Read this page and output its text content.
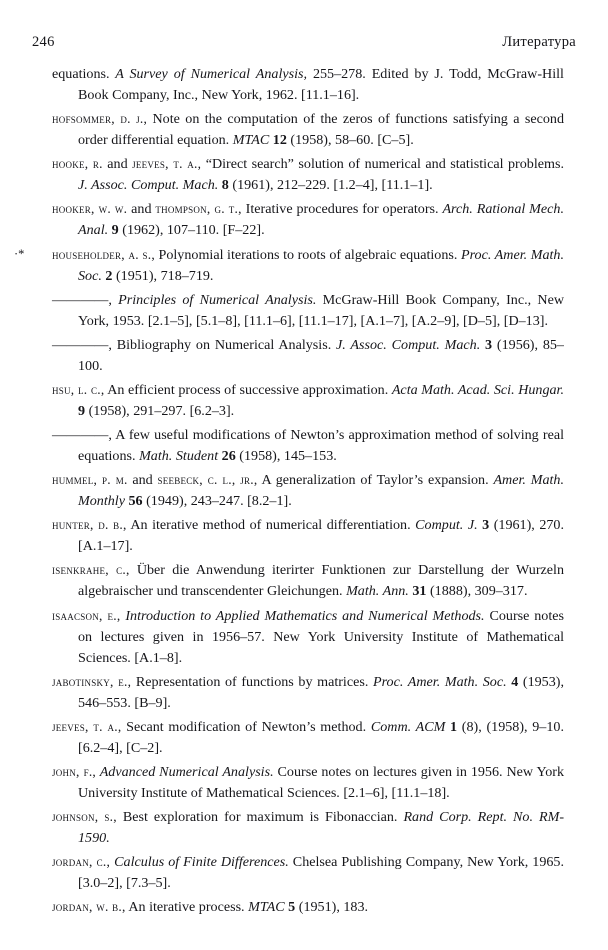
246	Литература
equations. A Survey of Numerical Analysis, 255–278. Edited by J. Todd, McGraw-Hill Book Company, Inc., New York, 1962. [11.1–16].
hofsommer, d. j., Note on the computation of the zeros of functions satisfying a second order differential equation. MTAC 12 (1958), 58–60. [C–5].
hooke, r. and jeeves, t. a., “Direct search” solution of numerical and statistical problems. J. Assoc. Comput. Mach. 8 (1961), 212–229. [1.2–4], [11.1–1].
hooker, w. w. and thompson, g. t., Iterative procedures for operators. Arch. Rational Mech. Anal. 9 (1962), 107–110. [F–22].
·* householder, a. s., Polynomial iterations to roots of algebraic equations. Proc. Amer. Math. Soc. 2 (1951), 718–719.
————, Principles of Numerical Analysis. McGraw-Hill Book Company, Inc., New York, 1953. [2.1–5], [5.1–8], [11.1–6], [11.1–17], [A.1–7], [A.2–9], [D–5], [D–13].
————, Bibliography on Numerical Analysis. J. Assoc. Comput. Mach. 3 (1956), 85–100.
hsu, l. c., An efficient process of successive approximation. Acta Math. Acad. Sci. Hungar. 9 (1958), 291–297. [6.2–3].
————, A few useful modifications of Newton’s approximation method of solving real equations. Math. Student 26 (1958), 145–153.
hummel, p. m. and seebeck, c. l., jr., A generalization of Taylor’s expansion. Amer. Math. Monthly 56 (1949), 243–247. [8.2–1].
hunter, d. b., An iterative method of numerical differentiation. Comput. J. 3 (1961), 270. [A.1–17].
isenkrahe, c., Über die Anwendung iterirter Funktionen zur Darstellung der Wurzeln algebraischer und transcendenter Gleichungen. Math. Ann. 31 (1888), 309–317.
isaacson, e., Introduction to Applied Mathematics and Numerical Methods. Course notes on lectures given in 1956–57. New York University Institute of Mathematical Sciences. [A.1–8].
jabotinsky, e., Representation of functions by matrices. Proc. Amer. Math. Soc. 4 (1953), 546–553. [B–9].
jeeves, t. a., Secant modification of Newton’s method. Comm. ACM 1 (8), (1958), 9–10. [6.2–4], [C–2].
john, f., Advanced Numerical Analysis. Course notes on lectures given in 1956. New York University Institute of Mathematical Sciences. [2.1–6], [11.1–18].
johnson, s., Best exploration for maximum is Fibonaccian. Rand Corp. Rept. No. RM-1590.
jordan, c., Calculus of Finite Differences. Chelsea Publishing Company, New York, 1965. [3.0–2], [7.3–5].
jordan, w. b., An iterative process. MTAC 5 (1951), 183.
